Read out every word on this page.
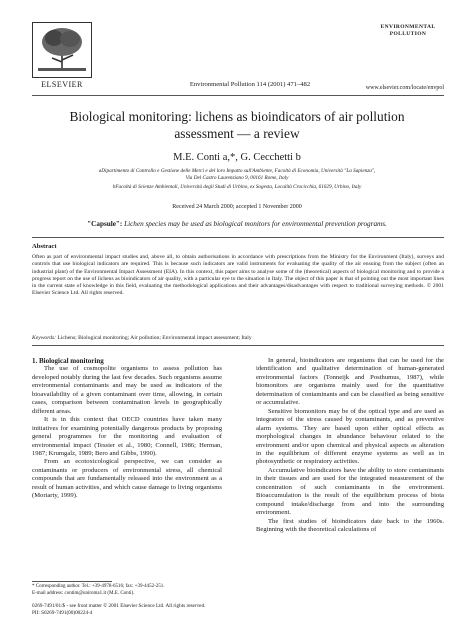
ELSEVIER	Environmental Pollution 114 (2001) 471–482
ENVIRONMENTAL
POLLUTION
www.elsevier.com/locate/envpol
Biological monitoring: lichens as bioindicators of air pollution
assessment — a review
M.E. Conti a,*, G. Cecchetti b
aDipartimento di Controllo e Gestione delle Merci e del loro Impatto sull'Ambiente, Facoltà di Economia, Università "La Sapienza",
Via Del Castro Laurenziano 9, 00161 Rome, Italy
bFacoltà di Scienze Ambientali, Università degli Studi di Urbino, ex Sogesta, Località Crocicchia, 61029, Urbino, Italy
Received 24 March 2000; accepted 1 November 2000
"Capsule": Lichen species may be used as biological monitors for environmental prevention programs.
Abstract
Often as part of environmental impact studies and, above all, to obtain authorisations in accordance with prescriptions from the Ministry for the Environment (Italy), surveys and controls that use biological indicators are required. This is because such indicators are valid instruments for evaluating the quality of the air ensuing from the subject (often an industrial plant) of the Environmental Impact Assessment (EIA). In this context, this paper aims to analyse some of the (theoretical) aspects of biological monitoring and to provide a progress report on the use of lichens as bioindicators of air quality, with a particular eye to the situation in Italy. The object of this paper is that of pointing out the most important lines in the current state of knowledge in this field, evaluating the methodological applications and their advantages/disadvantages with respect to traditional surveying methods. © 2001 Elsevier Science Ltd. All rights reserved.
Keywords: Lichens; Biological monitoring; Air pollution; Environmental impact assessment; Italy

1. Biological monitoring

The use of cosmopolite organisms to assess pollution has developed notably during the last few decades. Such organisms assume environmental contaminants and may be used as indicators of the bioavailability of a given contaminant over time, allowing, in certain cases, comparison between contamination levels in geographically different areas.

It is in this context that OECD countries have taken many initiatives for examining potentially dangerous products by proposing general programmes for the monitoring and evaluation of environmental impact (Tessier et al., 1980; Connell, 1986; Herman, 1987; Krumgalz, 1989; Bero and Gibbs, 1990).

From an ecotoxicological perspective, we can consider as contaminants or producers of environmental stress, all chemical compounds that are fundamentally released into the environment as a result of human activities, and which cause damage to living organisms (Moriarty, 1999).

In general, bioindicators are organisms that can be used for the identification and qualitative determination of human-generated environmental factors (Tonneijk and Posthumus, 1987), while biomonitors are organisms mainly used for the quantitative determination of contaminants and can be classified as being sensitive or accumulative.

Sensitive biomonitors may be of the optical type and are used as integrators of the stress caused by contaminants, and as preventive alarm systems. They are based upon either optical effects as morphological changes in abundance behaviour related to the environment and/or upon chemical and physical aspects as alteration in the equilibrium of different enzyme systems as well as in photosynthetic or respiratory activities.

Accumulative bioindicators have the ability to store contaminants in their tissues and are used for the integrated measurement of the concentration of such contaminants in the environment. Bioaccumulation is the result of the equilibrium process of biota compound intake/discharge from and into the surrounding environment.

The first studies of bioindicators date back to the 1960s. Beginning with the theoretical calculations of

* Corresponding author. Tel.: +39-4978-6516; fax: +39-4452-251.
E-mail address: contim@uniroma1.it (M.E. Conti).
0269-7491/01/$ - see front matter © 2001 Elsevier Science Ltd. All rights reserved.
PII: S0269-7491(00)00224-4
